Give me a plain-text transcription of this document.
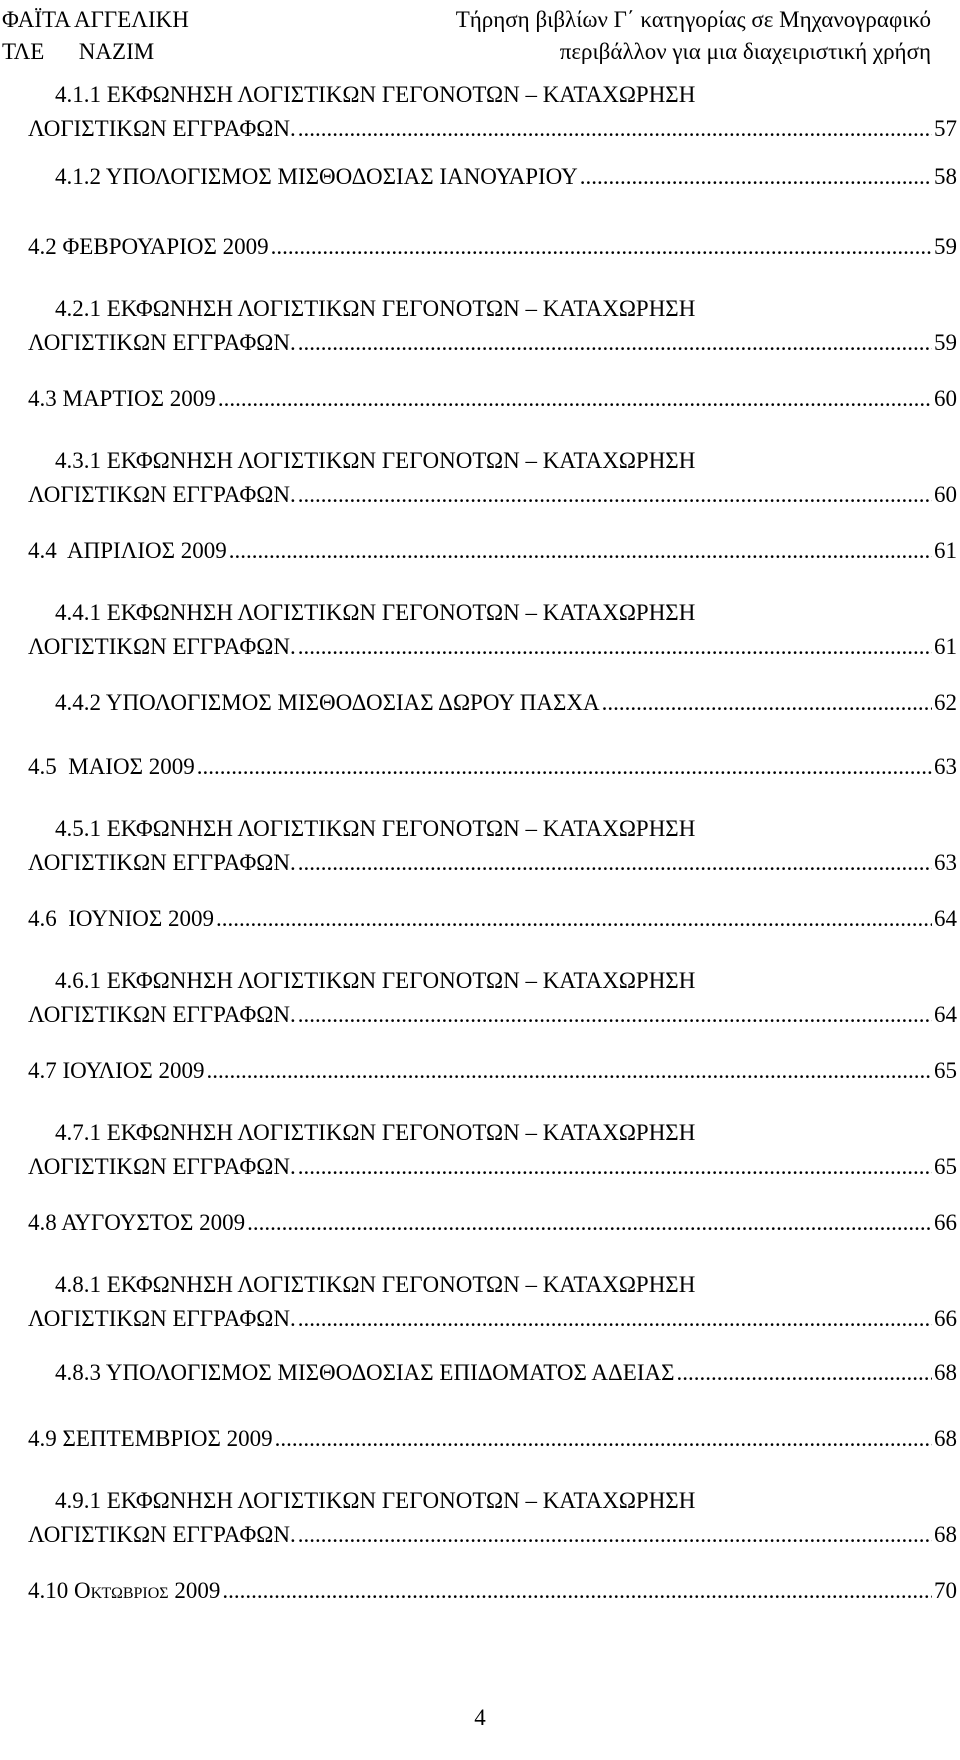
ΦΑΪΤΑ ΑΓΓΕΛΙΚΗ
ΤΛΕ      ΝΑΖΙΜ
Τήρηση βιβλίων Γ΄ κατηγορίας σε Μηχανογραφικό
περιβάλλον για μια διαχειριστική χρήση
4.1.1 ΕΚΦΩΝΗΣΗ ΛΟΓΙΣΤΙΚΩΝ ΓΕΓΟΝΟΤΩΝ – ΚΑΤΑΧΩΡΗΣΗ
ΛΟΓΙΣΤΙΚΩΝ ΕΓΓΡΑΦΩΝ. .....	57
4.1.2 ΥΠΟΛΟΓΙΣΜΟΣ ΜΙΣΘΟΔΟΣΙΑΣ ΙΑΝΟΥΑΡΙΟΥ .....	58
4.2 ΦΕΒΡΟΥΑΡΙΟΣ 2009 .....	59
4.2.1 ΕΚΦΩΝΗΣΗ ΛΟΓΙΣΤΙΚΩΝ ΓΕΓΟΝΟΤΩΝ – ΚΑΤΑΧΩΡΗΣΗ
ΛΟΓΙΣΤΙΚΩΝ ΕΓΓΡΑΦΩΝ. .....	59
4.3 ΜΑΡΤΙΟΣ 2009 .....	60
4.3.1 ΕΚΦΩΝΗΣΗ ΛΟΓΙΣΤΙΚΩΝ ΓΕΓΟΝΟΤΩΝ – ΚΑΤΑΧΩΡΗΣΗ
ΛΟΓΙΣΤΙΚΩΝ ΕΓΓΡΑΦΩΝ. .....	60
4.4  ΑΠΡΙΛΙΟΣ 2009 .....	61
4.4.1 ΕΚΦΩΝΗΣΗ ΛΟΓΙΣΤΙΚΩΝ ΓΕΓΟΝΟΤΩΝ – ΚΑΤΑΧΩΡΗΣΗ
ΛΟΓΙΣΤΙΚΩΝ ΕΓΓΡΑΦΩΝ. .....	61
4.4.2 ΥΠΟΛΟΓΙΣΜΟΣ ΜΙΣΘΟΔΟΣΙΑΣ ΔΩΡΟΥ ΠΑΣΧΑ .....	62
4.5  ΜΑΙΟΣ 2009 .....	63
4.5.1 ΕΚΦΩΝΗΣΗ ΛΟΓΙΣΤΙΚΩΝ ΓΕΓΟΝΟΤΩΝ – ΚΑΤΑΧΩΡΗΣΗ
ΛΟΓΙΣΤΙΚΩΝ ΕΓΓΡΑΦΩΝ. .....	63
4.6  ΙΟΥΝΙΟΣ 2009 .....	64
4.6.1 ΕΚΦΩΝΗΣΗ ΛΟΓΙΣΤΙΚΩΝ ΓΕΓΟΝΟΤΩΝ – ΚΑΤΑΧΩΡΗΣΗ
ΛΟΓΙΣΤΙΚΩΝ ΕΓΓΡΑΦΩΝ. .....	64
4.7 ΙΟΥΛΙΟΣ 2009 .....	65
4.7.1 ΕΚΦΩΝΗΣΗ ΛΟΓΙΣΤΙΚΩΝ ΓΕΓΟΝΟΤΩΝ – ΚΑΤΑΧΩΡΗΣΗ
ΛΟΓΙΣΤΙΚΩΝ ΕΓΓΡΑΦΩΝ. .....	65
4.8 ΑΥΓΟΥΣΤΟΣ 2009 .....	66
4.8.1 ΕΚΦΩΝΗΣΗ ΛΟΓΙΣΤΙΚΩΝ ΓΕΓΟΝΟΤΩΝ – ΚΑΤΑΧΩΡΗΣΗ
ΛΟΓΙΣΤΙΚΩΝ ΕΓΓΡΑΦΩΝ. .....	66
4.8.3 ΥΠΟΛΟΓΙΣΜΟΣ ΜΙΣΘΟΔΟΣΙΑΣ ΕΠΙΔΟΜΑΤΟΣ ΑΔΕΙΑΣ .....	68
4.9 ΣΕΠΤΕΜΒΡΙΟΣ 2009 .....	68
4.9.1 ΕΚΦΩΝΗΣΗ ΛΟΓΙΣΤΙΚΩΝ ΓΕΓΟΝΟΤΩΝ – ΚΑΤΑΧΩΡΗΣΗ
ΛΟΓΙΣΤΙΚΩΝ ΕΓΓΡΑΦΩΝ. .....	68
4.10 Οκτωβριος 2009 .....	70
4
